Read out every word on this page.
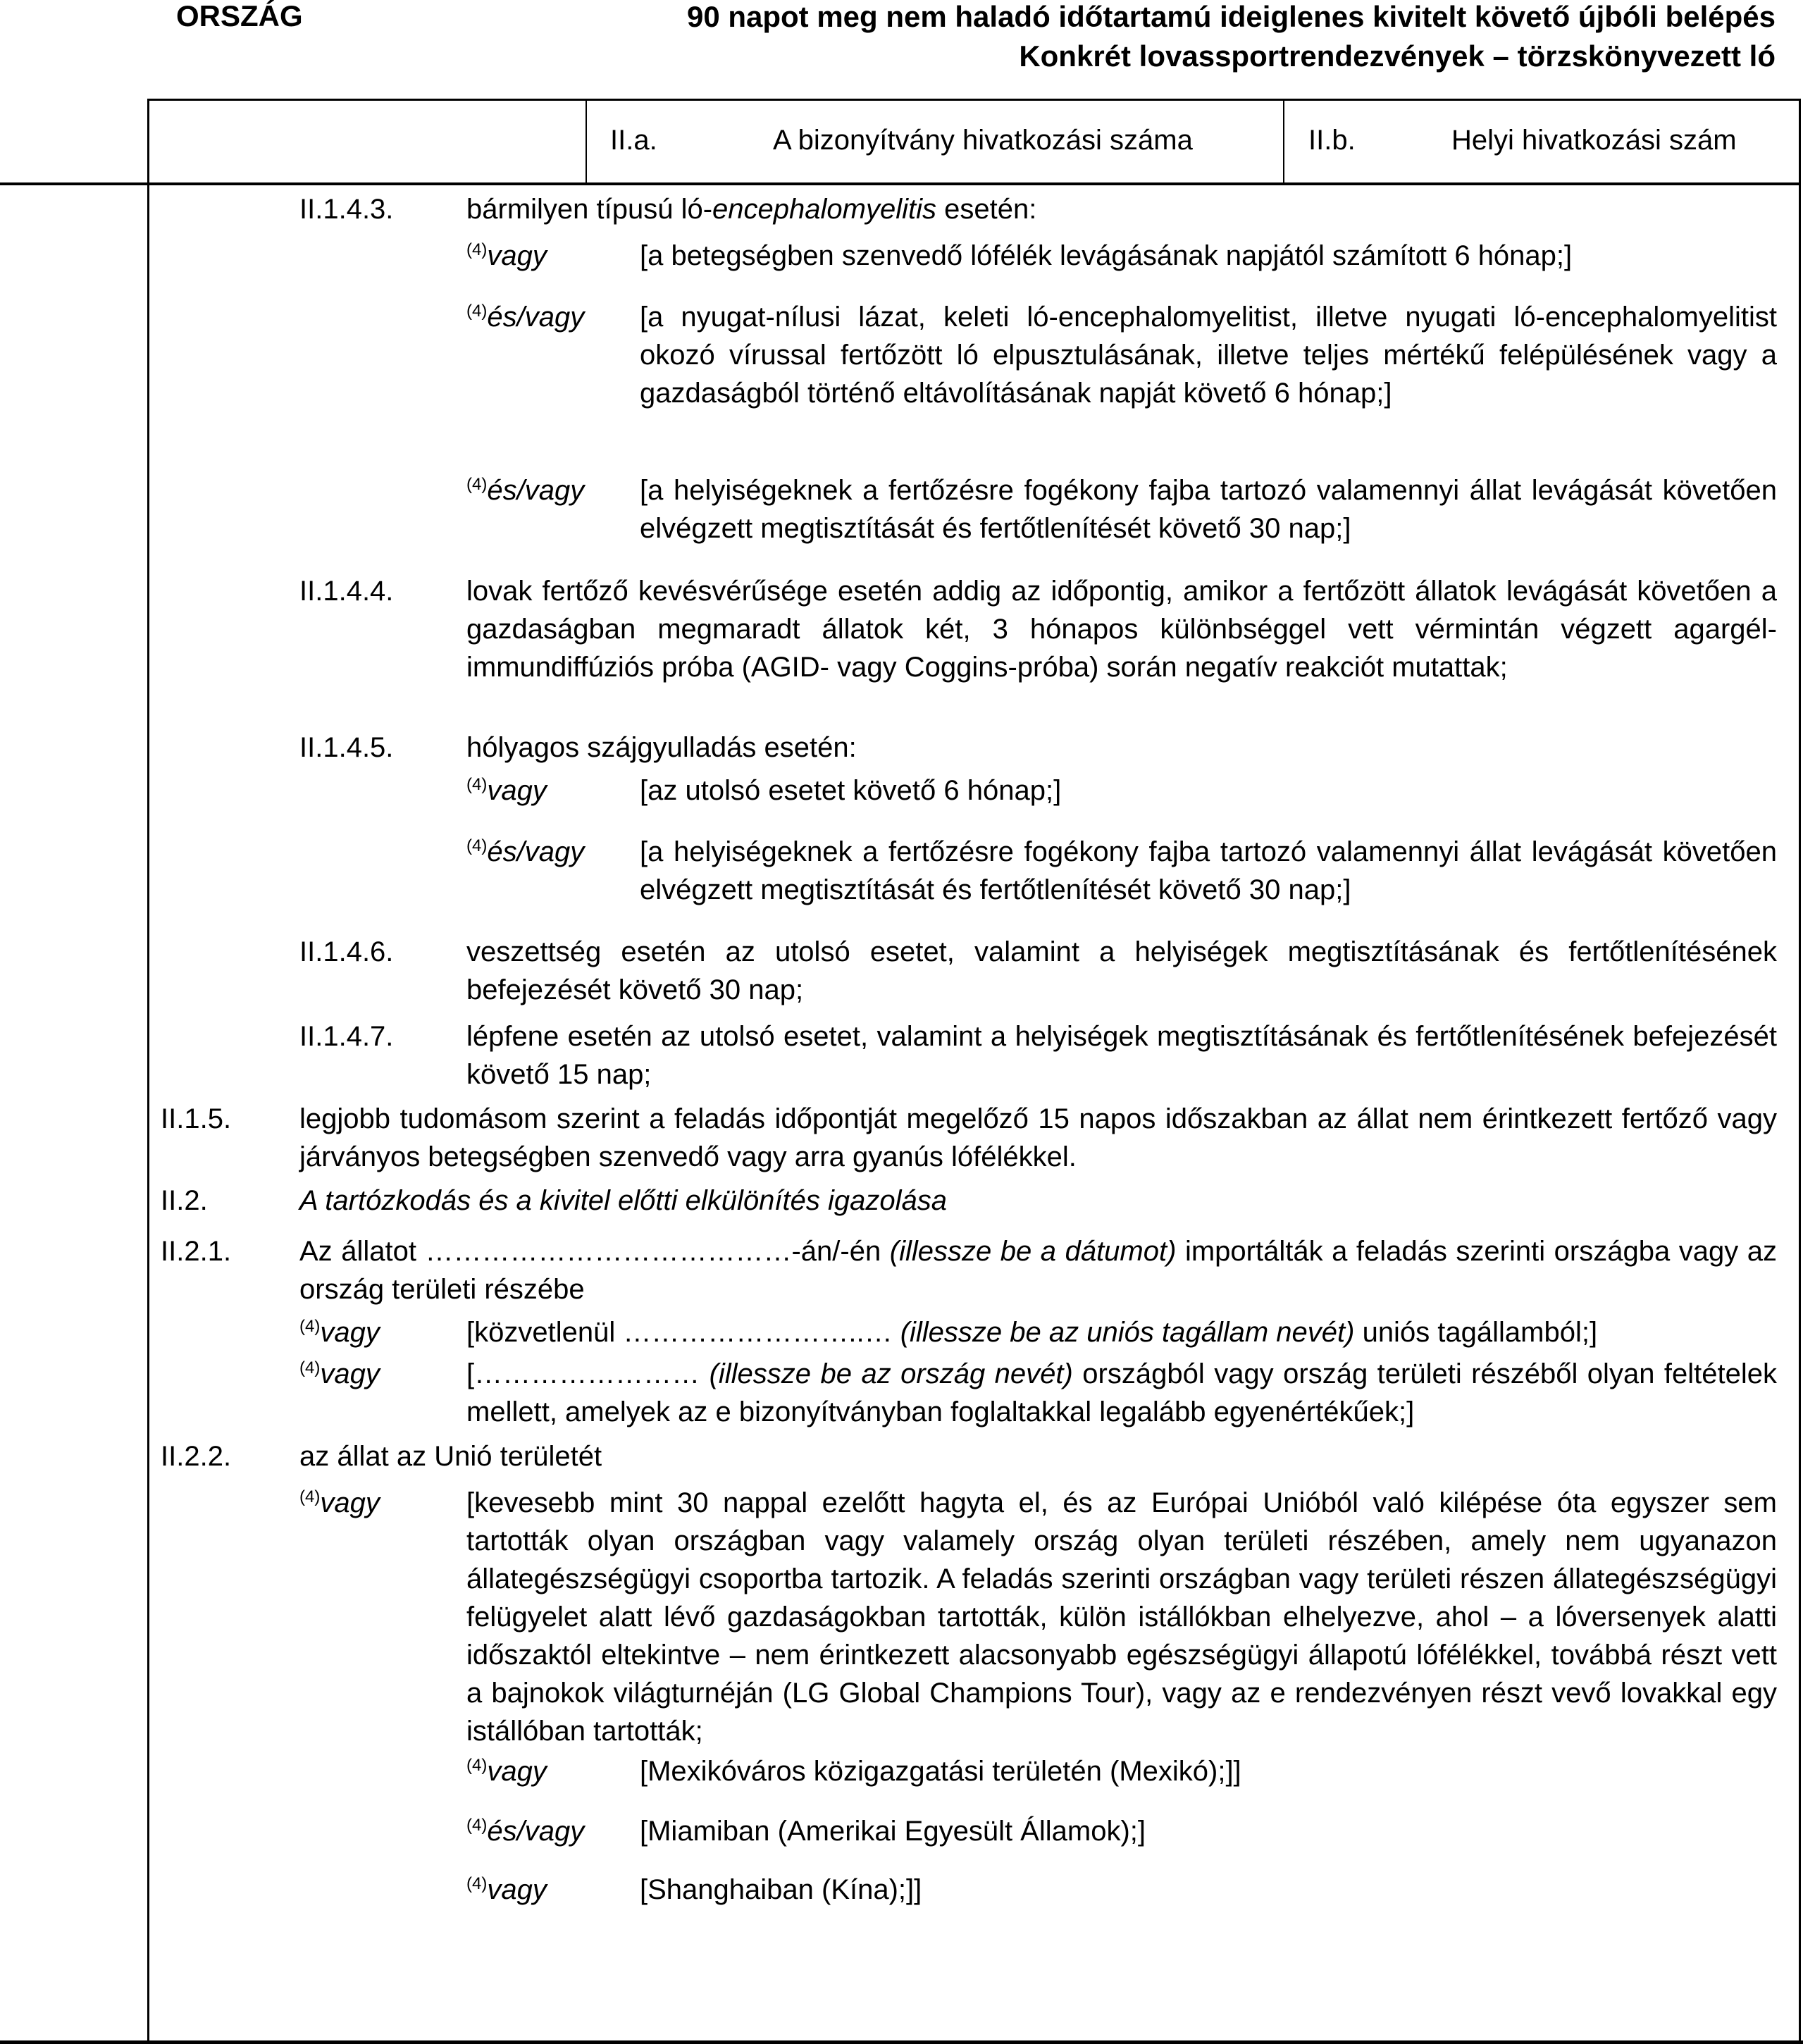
ORSZÁG	90 napot meg nem haladó időtartamú ideiglenes kivitelt követő újbóli belépés
Konkrét lovassportrendezvények – törzskönyvezett ló
II.a.	A bizonyítvány hivatkozási száma	II.b.	Helyi hivatkozási szám
II.1.4.3.	bármilyen típusú ló-encephalomyelitis esetén:
$^{(4)}$vagy	[a betegségben szenvedő lófélék levágásának napjától számított 6 hónap;]
$^{(4)}$és/vagy [a nyugat-nílusi lázat, keleti ló-encephalomyelitist, illetve nyugati ló-encephalomyelitist okozó vírussal fertőzött ló elpusztulásának, illetve teljes mértékű felépülésének vagy a gazdaságból történő eltávolításának napját követő 6 hónap;]
$^{(4)}$és/vagy [a helyiségeknek a fertőzésre fogékony fajba tartozó valamennyi állat levágását követően elvégzett megtisztítását és fertőtlenítését követő 30 nap;]
II.1.4.4.	lovak fertőző kevésvérűsége esetén addig az időpontig, amikor a fertőzött állatok levágását követően a gazdaságban megmaradt állatok két, 3 hónapos különbséggel vett vérmintán végzett agargél-immundiffúziós próba (AGID- vagy Coggins-próba) során negatív reakciót mutattak;
II.1.4.5.	hólyagos szájgyulladás esetén:
$^{(4)}$vagy	[az utolsó esetet követő 6 hónap;]
$^{(4)}$és/vagy [a helyiségeknek a fertőzésre fogékony fajba tartozó valamennyi állat levágását követően elvégzett megtisztítását és fertőtlenítését követő 30 nap;]
II.1.4.6.	veszettség esetén az utolsó esetet, valamint a helyiségek megtisztításának és fertőtlenítésének befejezését követő 30 nap;
II.1.4.7.	lépfene esetén az utolsó esetet, valamint a helyiségek megtisztításának és fertőtlenítésének befejezését követő 15 nap;
II.1.5. legjobb tudomásom szerint a feladás időpontját megelőző 15 napos időszakban az állat nem érintkezett fertőző vagy járványos betegségben szenvedő vagy arra gyanús lófélékkel.
II.2.	A tartózkodás és a kivitel előtti elkülönítés igazolása
II.2.1. Az állatot …………………………………-án/-én (illessze be a dátumot) importálták a feladás szerinti országba vagy az ország területi részébe
$^{(4)}$vagy	[közvetlenül ……………………..… (illessze be az uniós tagállam nevét) uniós tagállamból;]
$^{(4)}$vagy	[…………………… (illessze be az ország nevét) országból vagy ország területi részéből olyan feltételek mellett, amelyek az e bizonyítványban foglaltakkal legalább egyenértékűek;]
II.2.2. az állat az Unió területét
$^{(4)}$vagy	[kevesebb mint 30 nappal ezelőtt hagyta el, és az Európai Unióból való kilépése óta egyszer sem tartották olyan országban vagy valamely ország olyan területi részében, amely nem ugyanazon állategészségügyi csoportba tartozik. A feladás szerinti országban vagy területi részen állategészségügyi felügyelet alatt lévő gazdaságokban tartották, külön istállókban elhelyezve, ahol – a lóversenyek alatti időszaktól eltekintve – nem érintkezett alacsonyabb egészségügyi állapotú lófélékkel, továbbá részt vett a bajnokok világturnéján (LG Global Champions Tour), vagy az e rendezvényen részt vevő lovakkal egy istállóban tartották;
$^{(4)}$vagy	[Mexikóváros közigazgatási területén (Mexikó);]]
$^{(4)}$és/vagy [Miamiban (Amerikai Egyesült Államok);]
$^{(4)}$vagy	[Shanghaiban (Kína);]]
